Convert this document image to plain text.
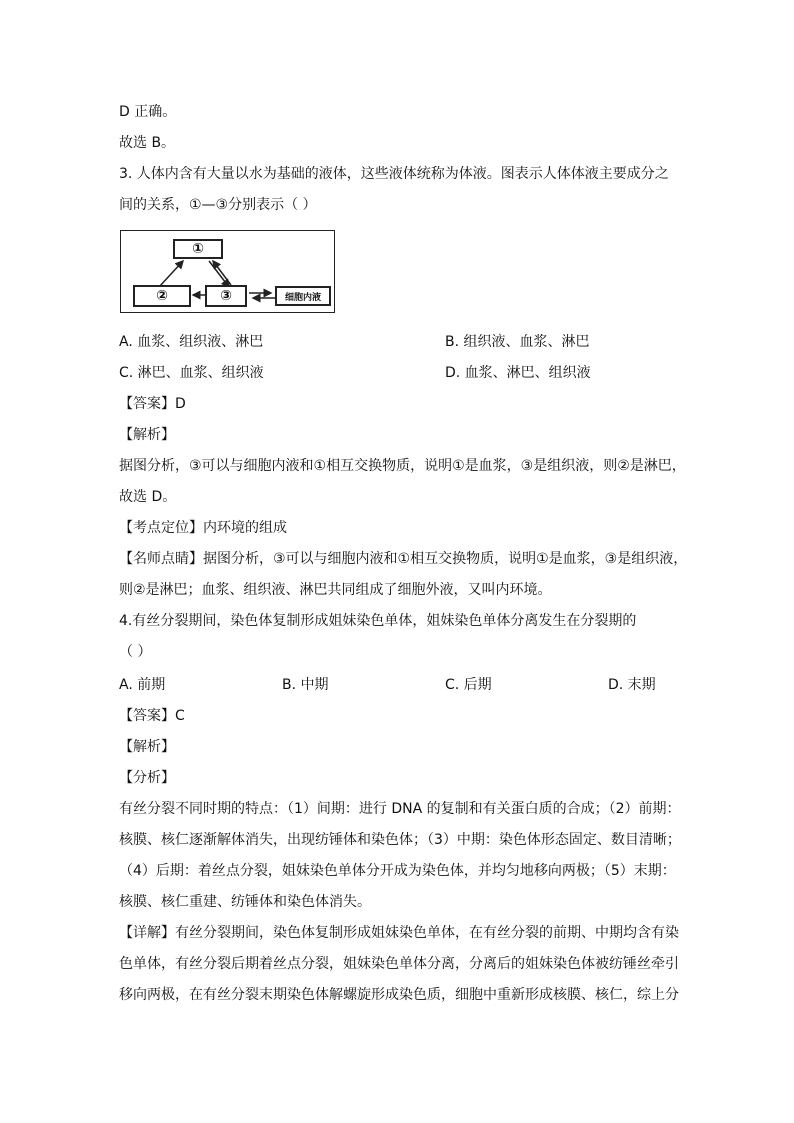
D 正确。
故选 B。
3. 人体内含有大量以水为基础的液体，这些液体统称为体液。图表示人体体液主要成分之
间的关系，①—③分别表示（ ）
①
②	③	细胞内液
A. 血浆、组织液、淋巴	B. 组织液、血浆、淋巴
C. 淋巴、血浆、组织液	D. 血浆、淋巴、组织液
【答案】D
【解析】
据图分析，③可以与细胞内液和①相互交换物质，说明①是血浆，③是组织液，则②是淋巴，
故选 D。
【考点定位】内环境的组成
【名师点睛】据图分析，③可以与细胞内液和①相互交换物质，说明①是血浆，③是组织液，
则②是淋巴；血浆、组织液、淋巴共同组成了细胞外液，又叫内环境。
4.有丝分裂期间，染色体复制形成姐妹染色单体，姐妹染色单体分离发生在分裂期的
（ ）
A. 前期	B. 中期	C. 后期	D. 末期
【答案】C
【解析】
【分析】
有丝分裂不同时期的特点：（1）间期：进行 DNA 的复制和有关蛋白质的合成；（2）前期：
核膜、核仁逐渐解体消失，出现纺锤体和染色体；（3）中期：染色体形态固定、数目清晰；
（4）后期：着丝点分裂，姐妹染色单体分开成为染色体，并均匀地移向两极；（5）末期：
核膜、核仁重建、纺锤体和染色体消失。
【详解】有丝分裂期间，染色体复制形成姐妹染色单体，在有丝分裂的前期、中期均含有染
色单体，有丝分裂后期着丝点分裂，姐妹染色单体分离，分离后的姐妹染色体被纺锤丝牵引
移向两极，在有丝分裂末期染色体解螺旋形成染色质，细胞中重新形成核膜、核仁，综上分
